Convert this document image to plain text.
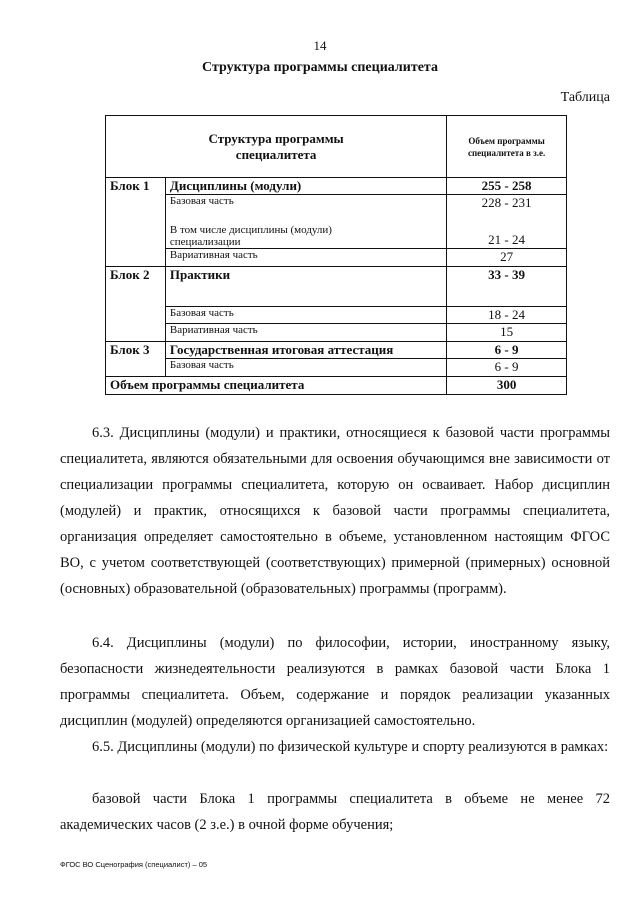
14
Структура программы специалитета
Таблица
Структура программы
специалитета		Объем программы
специалитета в з.е.
Блок 1	Дисциплины (модули)	255 - 258
	Базовая часть	228 - 231
	В том числе дисциплины (модули)
специализации	21 - 24
	Вариативная часть	27
Блок 2	Практики	33 - 39
	Базовая часть	18 - 24
	Вариативная часть	15
Блок 3	Государственная итоговая аттестация	6 - 9
	Базовая часть	6 - 9
Объем программы специалитета		300
6.3. Дисциплины (модули) и практики, относящиеся к базовой части программы специалитета, являются обязательными для освоения обучающимся вне зависимости от специализации программы специалитета, которую он осваивает. Набор дисциплин (модулей) и практик, относящихся к базовой части программы специалитета, организация определяет самостоятельно в объеме, установленном настоящим ФГОС ВО, с учетом соответствующей (соответствующих) примерной (примерных) основной (основных) образовательной (образовательных) программы (программ).
6.4. Дисциплины (модули) по философии, истории, иностранному языку, безопасности жизнедеятельности реализуются в рамках базовой части Блока 1 программы специалитета. Объем, содержание и порядок реализации указанных дисциплин (модулей) определяются организацией самостоятельно.
6.5. Дисциплины (модули) по физической культуре и спорту реализуются в рамках:
базовой части Блока 1 программы специалитета в объеме не менее 72 академических часов (2 з.е.) в очной форме обучения;
ФГОС ВО Сценография (специалист) – 05
